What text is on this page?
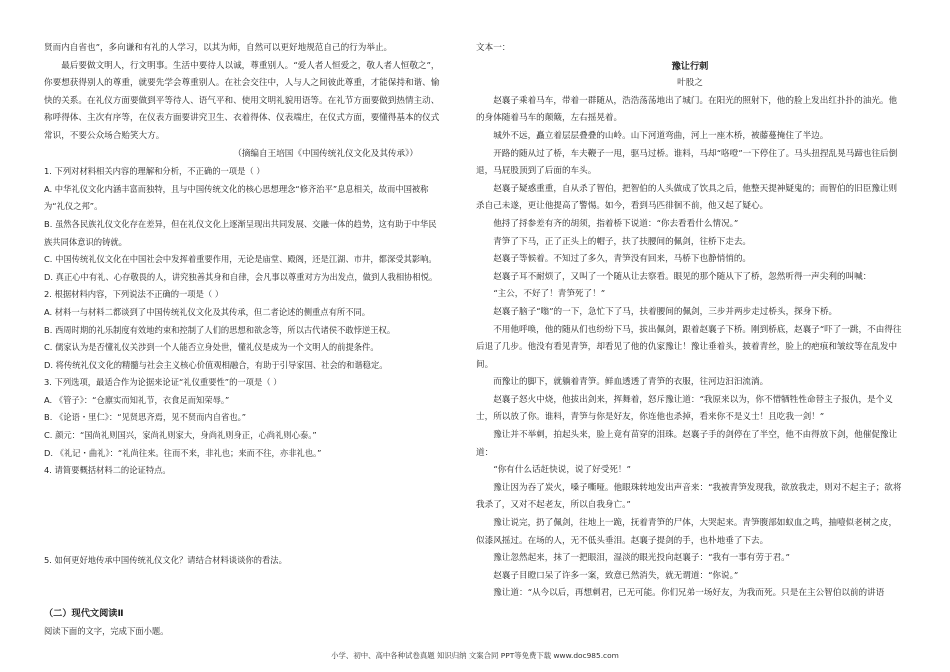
贤而内自省也”，多向谦和有礼的人学习，以其为师，自然可以更好地规范自己的行为举止。

最后要做文明人，行文明事。生活中要待人以诚，尊重别人。“爱人者人恒爱之，敬人者人恒敬之”，你要想获得别人的尊重，就要先学会尊重别人。在社会交往中，人与人之间彼此尊重，才能保持和谐、愉快的关系。在礼仪方面要做到平等待人、语气平和、使用文明礼貌用语等。在礼节方面要做到热情主动、称呼得体、主次有序等，在仪表方面要讲究卫生、衣着得体、仪表端庄，在仪式方面，要懂得基本的仪式常识，不要公众场合贻笑大方。

（摘编自王培国《中国传统礼仪文化及其传承》）

1. 下列对材料相关内容的理解和分析，不正确的一项是（ ）

A. 中华礼仪文化内涵丰富而独特，且与中国传统文化的核心思想理念“修齐治平”息息相关，故而中国被称为“礼仪之邦”。

B. 虽然各民族礼仪文化存在差异，但在礼仪文化上逐渐呈现出共同发展、交融一体的趋势，这有助于中华民族共同体意识的铸就。

C. 中国传统礼仪文化在中国社会中发挥着重要作用，无论是庙堂、殿阁，还是江湖、市井，都深受其影响。

D. 真正心中有礼、心存敬畏的人，讲究独善其身和自律，会凡事以尊重对方为出发点，做到人我相协相悦。

2. 根据材料内容，下列说法不正确的一项是（ ）

A. 材料一与材料二都谈到了中国传统礼仪文化及其传承，但二者论述的侧重点有所不同。

B. 西周时期的礼乐制度有效地约束和控制了人们的思想和欲念等，所以古代诸侯不敢悖逆王权。

C. 儒家认为是否懂礼仪关涉到一个人能否立身处世，懂礼仪是成为一个文明人的前提条件。

D. 将传统礼仪文化的精髓与社会主义核心价值观相融合，有助于引导家国、社会的和谐稳定。

3. 下列选项，最适合作为论据来论证“礼仪重要性”的一项是（ ）

A. 《管子》：“仓廪实而知礼节，衣食足而知荣辱。”

B. 《论语・里仁》：“见贤思齐焉，见不贤而内自省也。”

C. 颜元：“国尚礼则国兴，家尚礼则家大，身尚礼则身正，心尚礼则心泰。”

D. 《礼记・曲礼》：“礼尚往来。往而不来，非礼也；来而不往，亦非礼也。”

4. 请简要概括材料二的论证特点。

5. 如何更好地传承中国传统礼仪文化？请结合材料谈谈你的看法。

（二）现代文阅读Ⅱ

阅读下面的文字，完成下面小题。

文本一：

豫让行刺

叶股之

赵襄子乘着马车，带着一群随从，浩浩荡荡地出了城门。在阳光的照射下，他的脸上发出红扑扑的油光。他的身体随着马车的颠簸，左右摇晃着。

城外不远，矗立着层层叠叠的山岭。山下河道弯曲，河上一座木桥，被藤蔓掩住了半边。

开路的随从过了桥，车夫鞭子一甩，驱马过桥。谁料，马却“咯噔”一下停住了。马头扭捏乱晃马蹄也往后倒退，马屁股顶到了后面的车头。

赵襄子疑惑重重，自从杀了智伯，把智伯的人头做成了饮具之后，他整天提神疑鬼的；而智伯的旧臣豫让则杀自己未遂，更让他提高了警惕。如今，看到马匹徘徊不前，他又起了疑心。

他捋了捋参差有齐的胡须，指着桥下说道：“你去看看什么情况。”

青笋了下马，正了正头上的帽子，扶了扶腰间的佩剑，往桥下走去。

赵襄子等候着。不知过了多久，青笋没有回来，马桥下也静悄悄的。

赵襄子耳不耐烦了，又叫了一个随从让去察看。眼见的那个随从下了桥，忽然听得一声尖利的叫喊：

“主公，不好了！青笋死了！”

赵襄子脑子“嗡”的一下，急忙下了马，扶着腰间的佩剑，三步并两步走过桥头，探身下桥。

不用他呼唤，他的随从们也纷纷下马，拔出佩剑，跟着赵襄子下桥。刚到桥底，赵襄子“吓了一跳，不由得往后退了几步。他没有看见青笋，却看见了他的仇家豫让！豫让垂着头，披着青丝，脸上的疤痕和皱纹等在乱发中间。

而豫让的脚下，就躺着青笋。鲜血透透了青笋的衣服，往河边汩汩流淌。

赵襄子怒火中烧，他拔出剑来，挥舞着，怒斥豫让道：“我原来以为，你不惜牺牲性命替主子报仇，是个义士，所以放了你。谁料，青笋与你是好友，你连他也杀掉，看来你不是义士！且吃我一剑！”

豫让并不举刺，拍起头来，脸上竟有苗穿的泪珠。赵襄子手的剑停在了半空，他不由得放下剑，他催促豫让道：

“你有什么话赶快说，说了好受死！”

豫让因为吞了炭火，嗓子嘶哑。他眼珠转地发出声音来：“我被青笋发现我，欲放我走，则对不起主子；欲将我杀了，又对不起老友，所以自我身亡。”

豫让说完，扔了佩剑，往地上一跪，抚着青笋的尸体，大哭起来。青笋腹部如蚁血之鸣，抽噎似老树之皮，似漆风摇过。在场的人，无不低头垂泪。赵襄子提剑的手，也朴地垂了下去。

豫让忽然起来，抹了一把眼泪，湿淡的眼光投向赵襄子：“我有一事有劳于君。”

赵襄子目瞪口呆了许多一案，致意已然消失，就无谓道：“你说。”

豫让道：“从今以后，再想刺君，已无可能。你们兄弟一场好友，为我而死。只是在主公智伯以前的讲语

小学、初中、高中各种试卷真题 知识归纳 文案合同 PPT等免费下载 www.doc985.com
